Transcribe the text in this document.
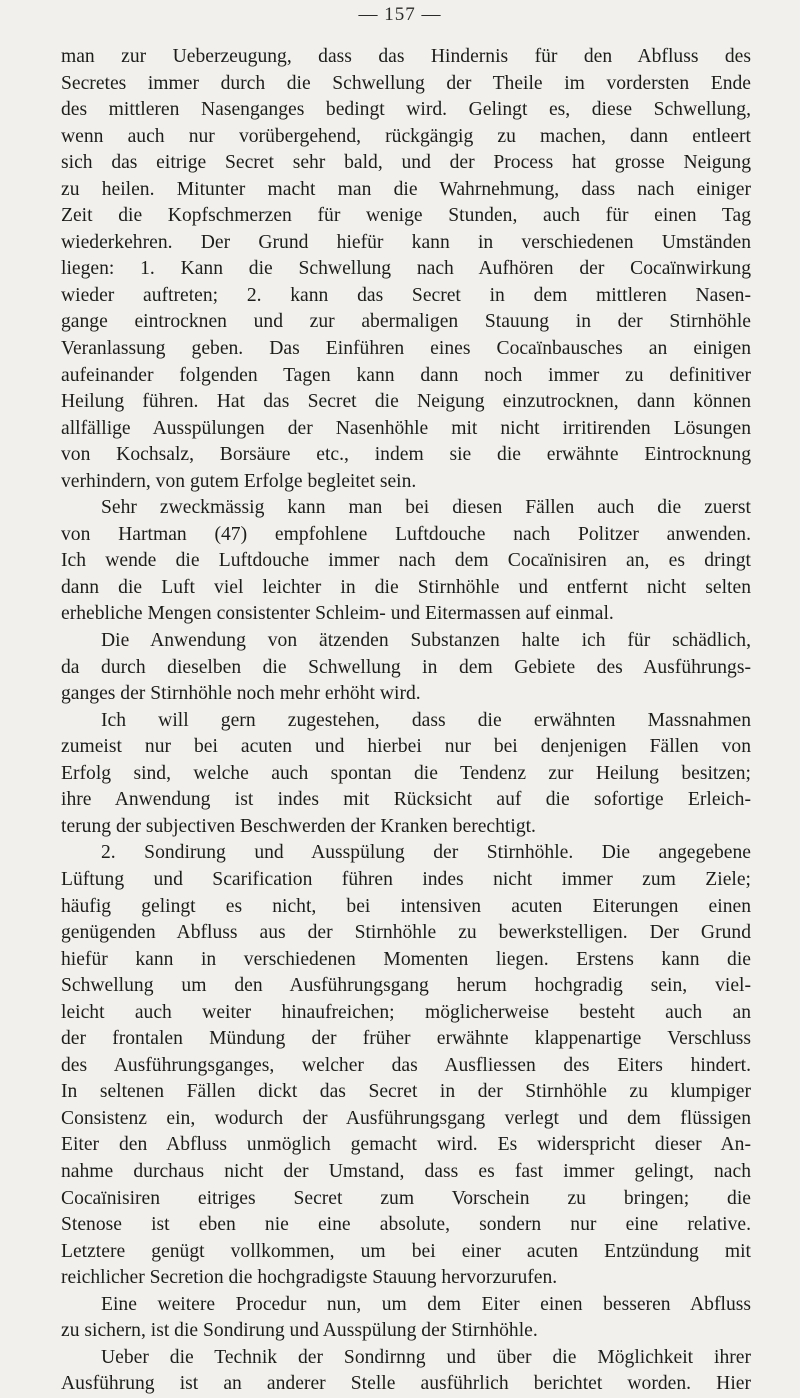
— 157 —
man zur Ueberzeugung, dass das Hindernis für den Abfluss des
Secretes immer durch die Schwellung der Theile im vordersten Ende
des mittleren Nasenganges bedingt wird. Gelingt es, diese Schwellung,
wenn auch nur vorübergehend, rückgängig zu machen, dann entleert
sich das eitrige Secret sehr bald, und der Process hat grosse Neigung
zu heilen. Mitunter macht man die Wahrnehmung, dass nach einiger
Zeit die Kopfschmerzen für wenige Stunden, auch für einen Tag
wiederkehren. Der Grund hiefür kann in verschiedenen Umständen
liegen: 1. Kann die Schwellung nach Aufhören der Cocaïnwirkung
wieder auftreten; 2. kann das Secret in dem mittleren Nasen-
gange eintrocknen und zur abermaligen Stauung in der Stirnhöhle
Veranlassung geben. Das Einführen eines Cocaïnbausches an einigen
aufeinander folgenden Tagen kann dann noch immer zu definitiver
Heilung führen. Hat das Secret die Neigung einzutrocknen, dann können
allfällige Ausspülungen der Nasenhöhle mit nicht irritirenden Lösungen
von Kochsalz, Borsäure etc., indem sie die erwähnte Eintrocknung
verhindern, von gutem Erfolge begleitet sein.
Sehr zweckmässig kann man bei diesen Fällen auch die zuerst
von Hartman (47) empfohlene Luftdouche nach Politzer anwenden.
Ich wende die Luftdouche immer nach dem Cocaïnisiren an, es dringt
dann die Luft viel leichter in die Stirnhöhle und entfernt nicht selten
erhebliche Mengen consistenter Schleim- und Eitermassen auf einmal.
Die Anwendung von ätzenden Substanzen halte ich für schädlich,
da durch dieselben die Schwellung in dem Gebiete des Ausführungs-
ganges der Stirnhöhle noch mehr erhöht wird.
Ich will gern zugestehen, dass die erwähnten Massnahmen
zumeist nur bei acuten und hierbei nur bei denjenigen Fällen von
Erfolg sind, welche auch spontan die Tendenz zur Heilung besitzen;
ihre Anwendung ist indes mit Rücksicht auf die sofortige Erleich-
terung der subjectiven Beschwerden der Kranken berechtigt.
2. Sondirung und Ausspülung der Stirnhöhle. Die angegebene
Lüftung und Scarification führen indes nicht immer zum Ziele;
häufig gelingt es nicht, bei intensiven acuten Eiterungen einen
genügenden Abfluss aus der Stirnhöhle zu bewerkstelligen. Der Grund
hiefür kann in verschiedenen Momenten liegen. Erstens kann die
Schwellung um den Ausführungsgang herum hochgradig sein, viel-
leicht auch weiter hinaufreichen; möglicherweise besteht auch an
der frontalen Mündung der früher erwähnte klappenartige Verschluss
des Ausführungsganges, welcher das Ausfliessen des Eiters hindert.
In seltenen Fällen dickt das Secret in der Stirnhöhle zu klumpiger
Consistenz ein, wodurch der Ausführungsgang verlegt und dem flüssigen
Eiter den Abfluss unmöglich gemacht wird. Es widerspricht dieser An-
nahme durchaus nicht der Umstand, dass es fast immer gelingt, nach
Cocaïnisiren eitriges Secret zum Vorschein zu bringen; die
Stenose ist eben nie eine absolute, sondern nur eine relative.
Letztere genügt vollkommen, um bei einer acuten Entzündung mit
reichlicher Secretion die hochgradigste Stauung hervorzurufen.
Eine weitere Procedur nun, um dem Eiter einen besseren Abfluss
zu sichern, ist die Sondirung und Ausspülung der Stirnhöhle.
Ueber die Technik der Sondirnng und über die Möglichkeit ihrer
Ausführung ist an anderer Stelle ausführlich berichtet worden. Hier
